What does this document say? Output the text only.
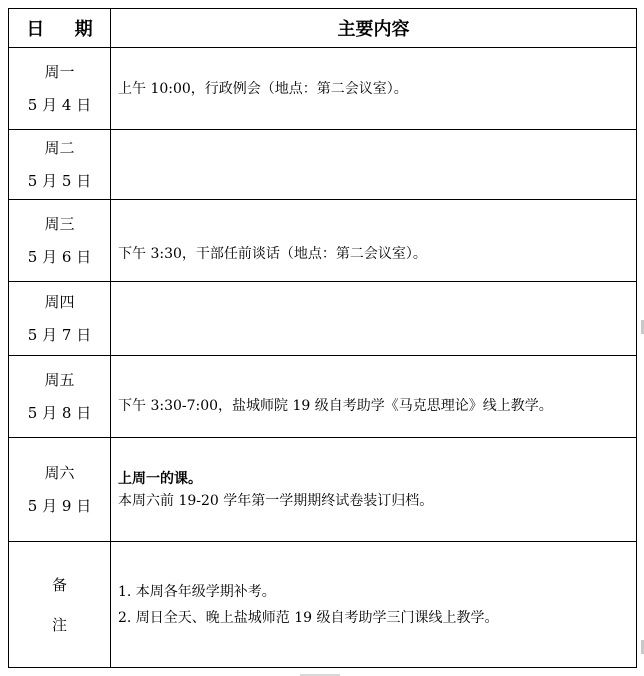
日 期	主要内容

周一
5 月 4 日	上午 10:00，行政例会（地点：第二会议室）。

周二
5 月 5 日	

周三
5 月 6 日	下午 3:30，干部任前谈话（地点：第二会议室）。

周四
5 月 7 日	

周五
5 月 8 日	下午 3:30-7:00，盐城师院 19 级自考助学《马克思理论》线上教学。

周六
5 月 9 日	上周一的课。
本周六前 19-20 学年第一学期期终试卷装订归档。

备
注	1. 本周各年级学期补考。
2. 周日全天、晚上盐城师范 19 级自考助学三门课线上教学。
